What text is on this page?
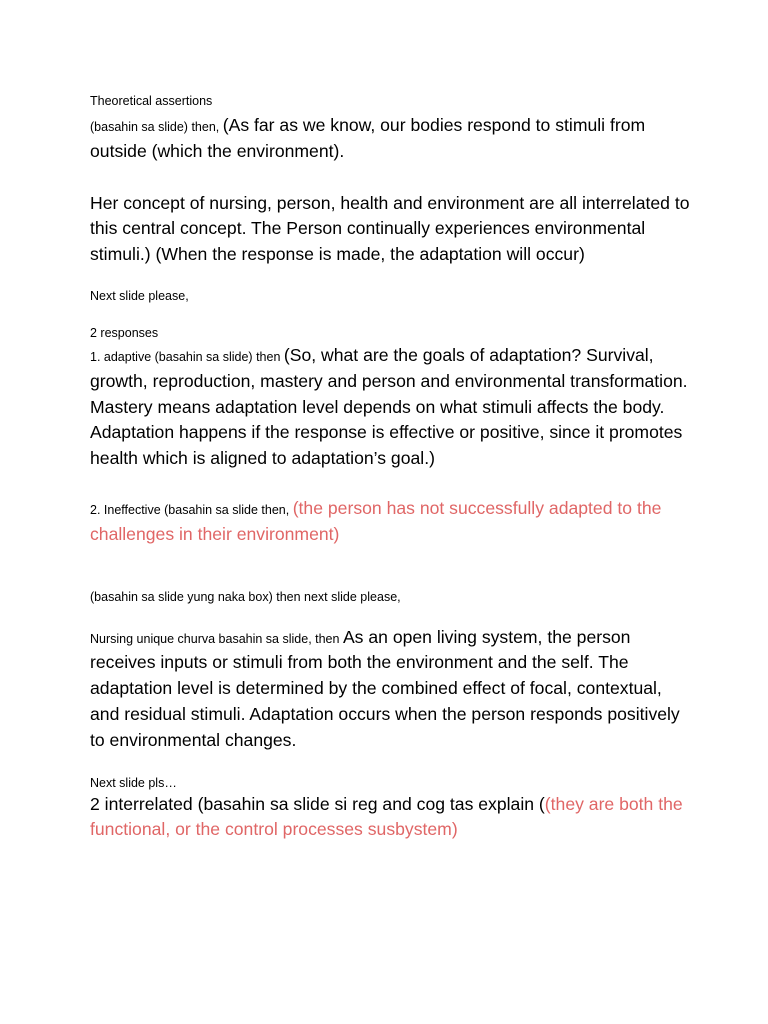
Theoretical assertions

(basahin sa slide) then, (As far as we know, our bodies respond to stimuli from outside (which the environment).

Her concept of nursing, person, health and environment are all interrelated to this central concept. The Person continually experiences environmental stimuli.) (When the response is made, the adaptation will occur)

Next slide please,

2 responses

1. adaptive (basahin sa slide) then (So, what are the goals of adaptation? Survival, growth, reproduction, mastery and person and environmental transformation. Mastery means adaptation level depends on what stimuli affects the body. Adaptation happens if the response is effective or positive, since it promotes health which is aligned to adaptation’s goal.)

2. Ineffective (basahin sa slide then, (the person has not successfully adapted to the challenges in their environment)

(basahin sa slide yung naka box) then next slide please,

Nursing unique churva basahin sa slide, then As an open living system, the person receives inputs or stimuli from both the environment and the self. The adaptation level is determined by the combined effect of focal, contextual, and residual stimuli. Adaptation occurs when the person responds positively to environmental changes.

Next slide pls…

2 interrelated (basahin sa slide si reg and cog tas explain ((they are both the functional, or the control processes susbystem)
